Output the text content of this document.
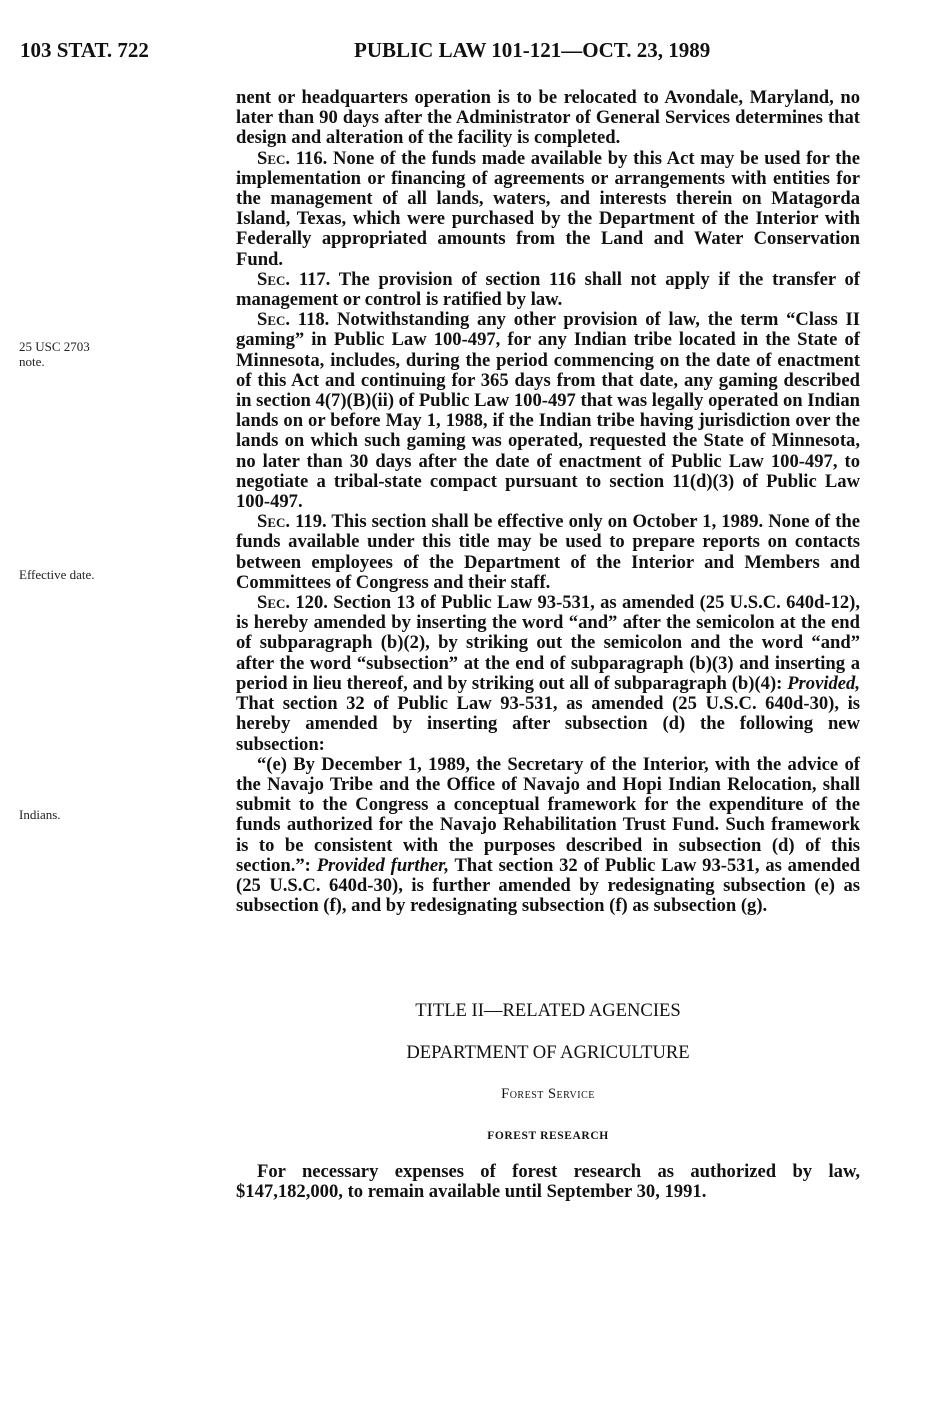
103 STAT. 722	PUBLIC LAW 101-121—OCT. 23, 1989
25 USC 2703
note.
Effective date.
Indians.

nent or headquarters operation is to be relocated to Avondale, Maryland, no later than 90 days after the Administrator of General Services determines that design and alteration of the facility is completed.

Sec. 116. None of the funds made available by this Act may be used for the implementation or financing of agreements or arrangements with entities for the management of all lands, waters, and interests therein on Matagorda Island, Texas, which were purchased by the Department of the Interior with Federally appropriated amounts from the Land and Water Conservation Fund.

Sec. 117. The provision of section 116 shall not apply if the transfer of management or control is ratified by law.

Sec. 118. Notwithstanding any other provision of law, the term “Class II gaming” in Public Law 100-497, for any Indian tribe located in the State of Minnesota, includes, during the period commencing on the date of enactment of this Act and continuing for 365 days from that date, any gaming described in section 4(7)(B)(ii) of Public Law 100-497 that was legally operated on Indian lands on or before May 1, 1988, if the Indian tribe having jurisdiction over the lands on which such gaming was operated, requested the State of Minnesota, no later than 30 days after the date of enactment of Public Law 100-497, to negotiate a tribal-state compact pursuant to section 11(d)(3) of Public Law 100-497.

Sec. 119. This section shall be effective only on October 1, 1989. None of the funds available under this title may be used to prepare reports on contacts between employees of the Department of the Interior and Members and Committees of Congress and their staff.

Sec. 120. Section 13 of Public Law 93-531, as amended (25 U.S.C. 640d-12), is hereby amended by inserting the word “and” after the semicolon at the end of subparagraph (b)(2), by striking out the semicolon and the word “and” after the word “subsection” at the end of subparagraph (b)(3) and inserting a period in lieu thereof, and by striking out all of subparagraph (b)(4): Provided, That section 32 of Public Law 93-531, as amended (25 U.S.C. 640d-30), is hereby amended by inserting after subsection (d) the following new subsection:

“(e) By December 1, 1989, the Secretary of the Interior, with the advice of the Navajo Tribe and the Office of Navajo and Hopi Indian Relocation, shall submit to the Congress a conceptual framework for the expenditure of the funds authorized for the Navajo Rehabilitation Trust Fund. Such framework is to be consistent with the purposes described in subsection (d) of this section.”: Provided further, That section 32 of Public Law 93-531, as amended (25 U.S.C. 640d-30), is further amended by redesignating subsection (e) as subsection (f), and by redesignating subsection (f) as subsection (g).

TITLE II—RELATED AGENCIES
DEPARTMENT OF AGRICULTURE
Forest Service
FOREST RESEARCH

For necessary expenses of forest research as authorized by law, $147,182,000, to remain available until September 30, 1991.
